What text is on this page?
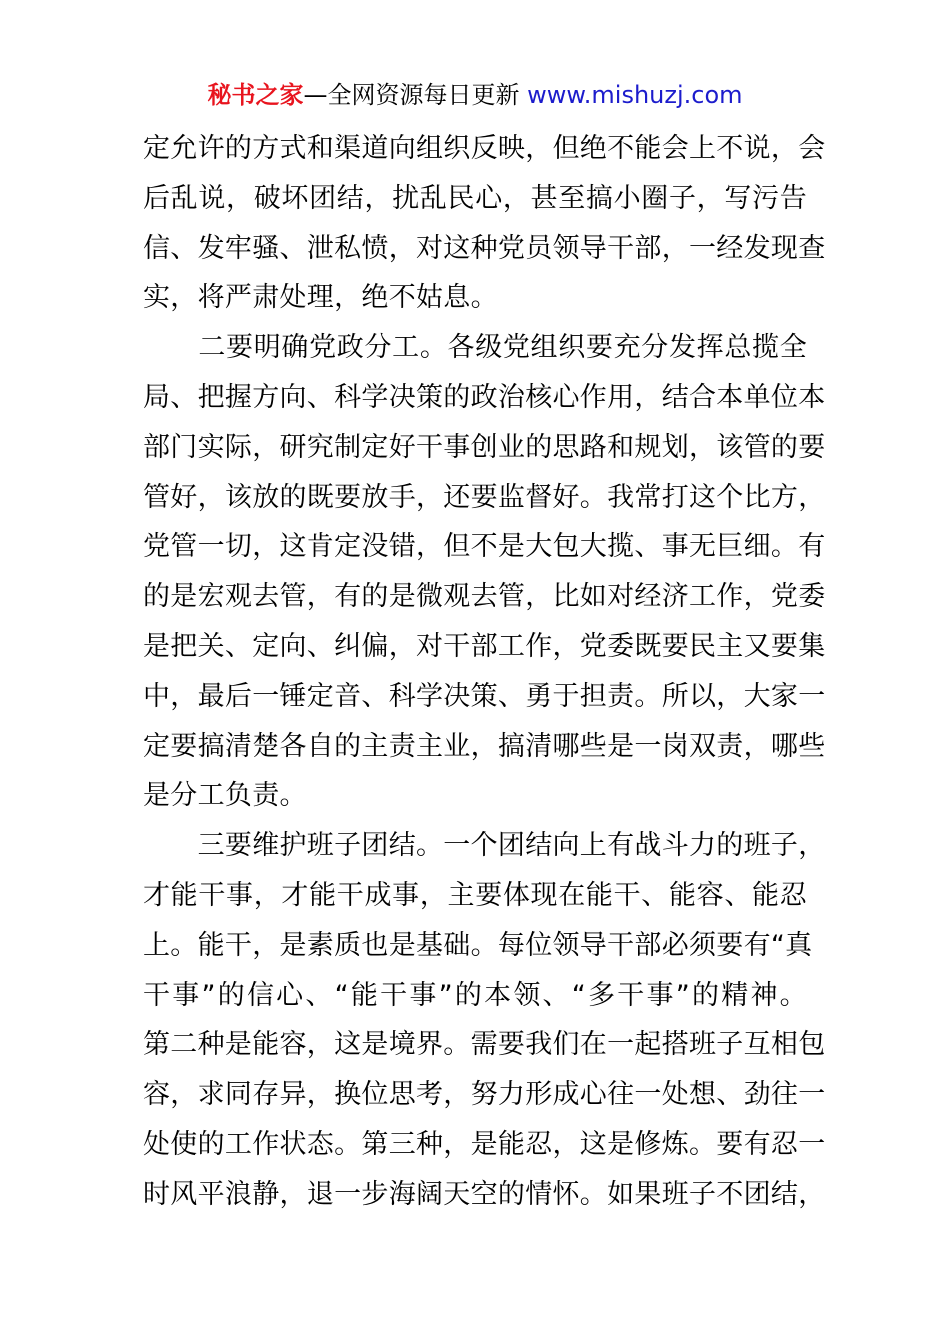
秘书之家—全网资源每日更新 www.mishuzj.com
定允许的方式和渠道向组织反映，但绝不能会上不说，会
后乱说，破坏团结，扰乱民心，甚至搞小圈子，写污告
信、发牢骚、泄私愤，对这种党员领导干部，一经发现查
实，将严肃处理，绝不姑息。
　　二要明确党政分工。各级党组织要充分发挥总揽全
局、把握方向、科学决策的政治核心作用，结合本单位本
部门实际，研究制定好干事创业的思路和规划，该管的要
管好，该放的既要放手，还要监督好。我常打这个比方，
党管一切，这肯定没错，但不是大包大揽、事无巨细。有
的是宏观去管，有的是微观去管，比如对经济工作，党委
是把关、定向、纠偏，对干部工作，党委既要民主又要集
中，最后一锤定音、科学决策、勇于担责。所以，大家一
定要搞清楚各自的主责主业，搞清哪些是一岗双责，哪些
是分工负责。
　　三要维护班子团结。一个团结向上有战斗力的班子，
才能干事，才能干成事，主要体现在能干、能容、能忍
上。能干，是素质也是基础。每位领导干部必须要有“真
干事”的信心、“能干事”的本领、“多干事”的精神。
第二种是能容，这是境界。需要我们在一起搭班子互相包
容，求同存异，换位思考，努力形成心往一处想、劲往一
处使的工作状态。第三种，是能忍，这是修炼。要有忍一
时风平浪静，退一步海阔天空的情怀。如果班子不团结，
